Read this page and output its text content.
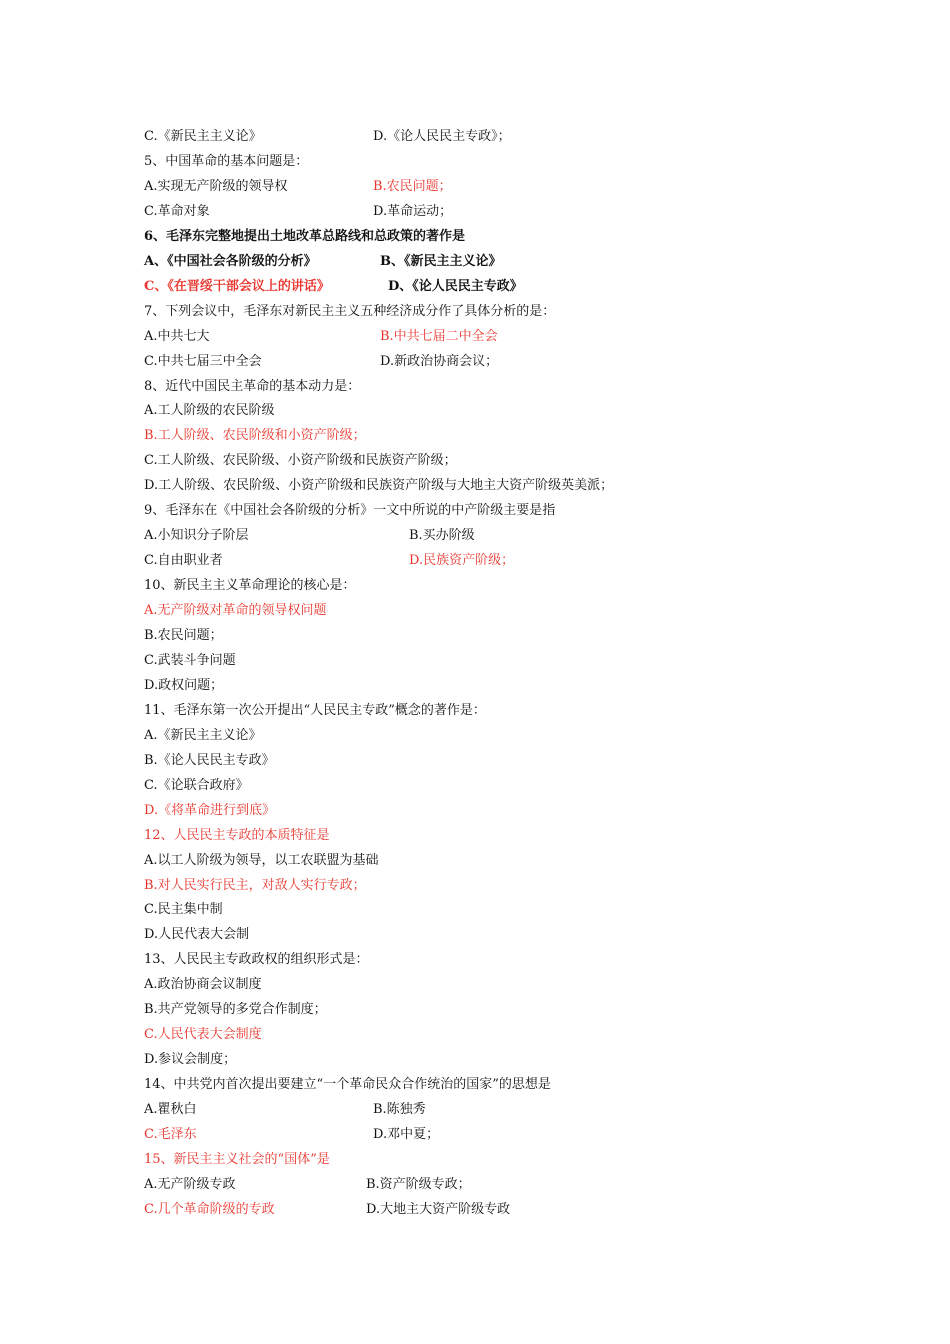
C.《新民主主义论》	D.《论人民民主专政》；
5、中国革命的基本问题是：
A.实现无产阶级的领导权	B.农民问题；
C.革命对象	D.革命运动；
6、毛泽东完整地提出土地改革总路线和总政策的著作是
A、《中国社会各阶级的分析》	B、《新民主主义论》
C、《在晋绥干部会议上的讲话》	D、《论人民民主专政》
7、下列会议中，毛泽东对新民主主义五种经济成分作了具体分析的是：
A.中共七大	B.中共七届二中全会
C.中共七届三中全会	D.新政治协商会议；
8、近代中国民主革命的基本动力是：
A.工人阶级的农民阶级
B.工人阶级、农民阶级和小资产阶级；
C.工人阶级、农民阶级、小资产阶级和民族资产阶级；
D.工人阶级、农民阶级、小资产阶级和民族资产阶级与大地主大资产阶级英美派；
9、毛泽东在《中国社会各阶级的分析》一文中所说的中产阶级主要是指
A.小知识分子阶层	B.买办阶级
C.自由职业者	D.民族资产阶级；
10、新民主主义革命理论的核心是：
A.无产阶级对革命的领导权问题
B.农民问题；
C.武装斗争问题
D.政权问题；
11、毛泽东第一次公开提出“人民民主专政”概念的著作是：
A.《新民主主义论》
B.《论人民民主专政》
C.《论联合政府》
D.《将革命进行到底》
12、人民民主专政的本质特征是
A.以工人阶级为领导，以工农联盟为基础
B.对人民实行民主，对敌人实行专政；
C.民主集中制
D.人民代表大会制
13、人民民主专政政权的组织形式是：
A.政治协商会议制度
B.共产党领导的多党合作制度；
C.人民代表大会制度
D.参议会制度；
14、中共党内首次提出要建立“一个革命民众合作统治的国家”的思想是
A.瞿秋白	B.陈独秀
C.毛泽东	D.邓中夏；
15、新民主主义社会的“国体”是
A.无产阶级专政	B.资产阶级专政；
C.几个革命阶级的专政	D.大地主大资产阶级专政
